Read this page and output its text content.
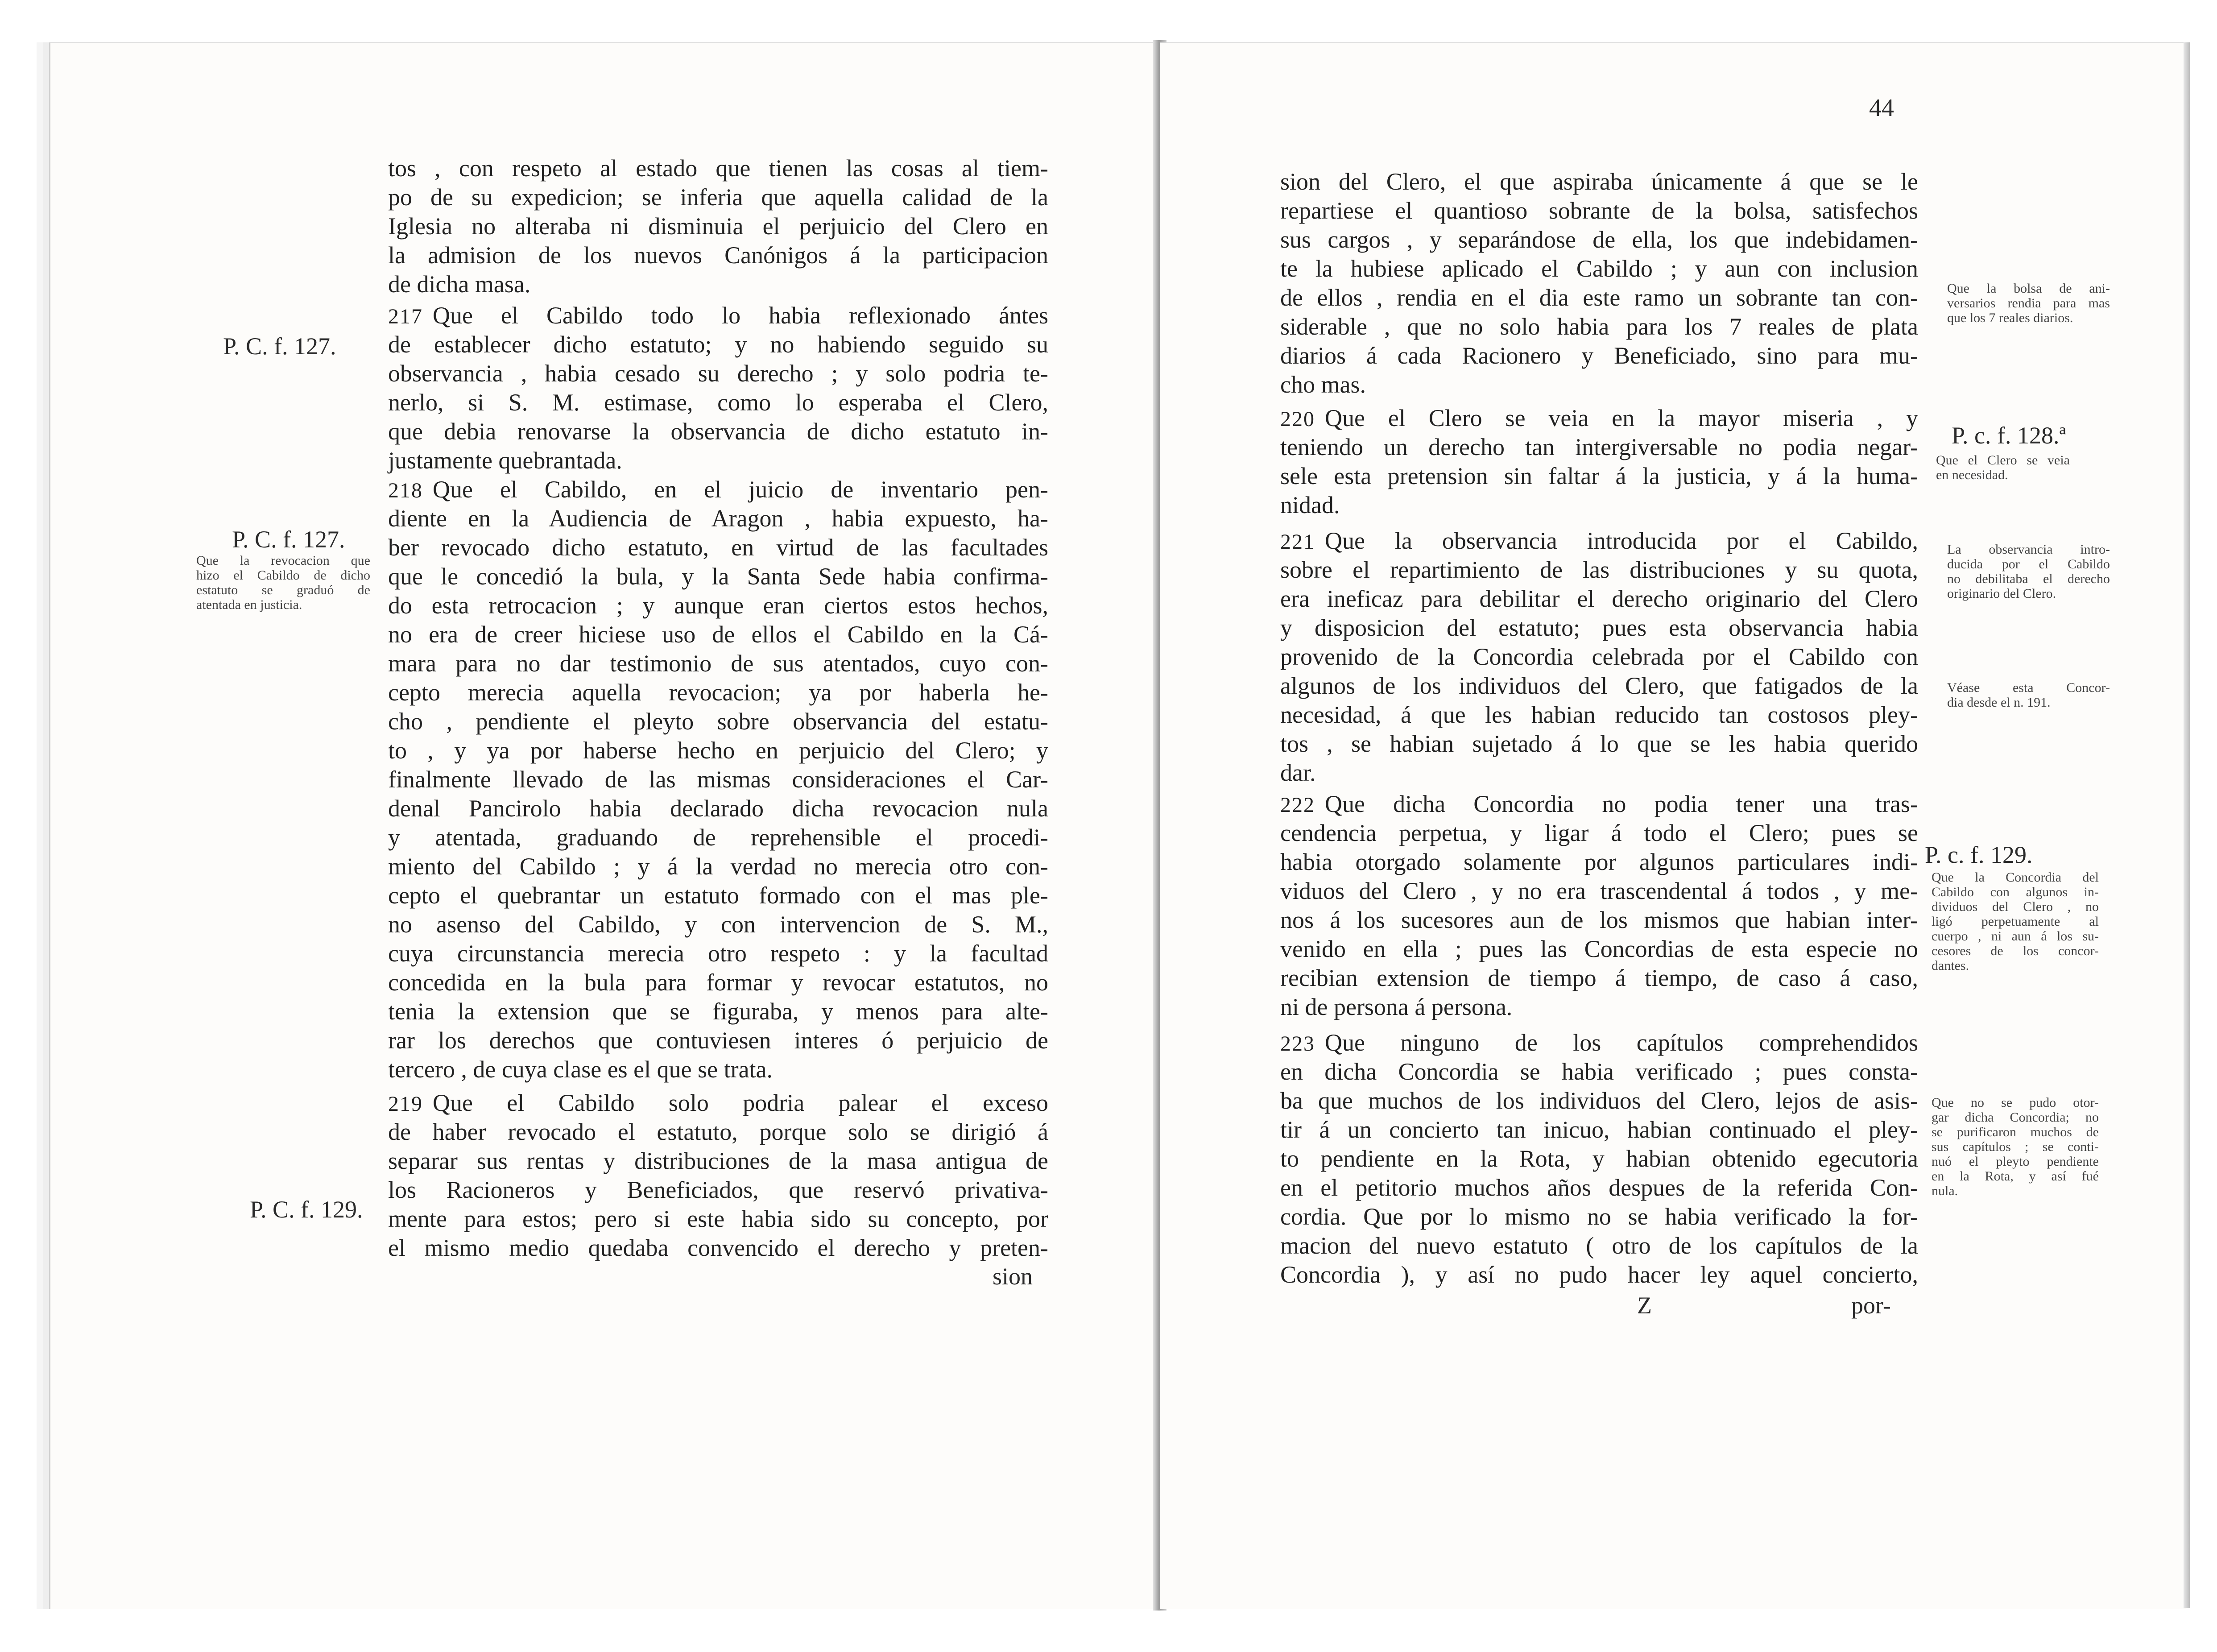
P. C. f. 127.
P. C. f. 127.
Que la revocacion que
hizo el Cabildo de dicho
estatuto se graduó de
atentada en justicia.
P. C. f. 129.
tos , con respeto al estado que tienen las cosas al tiem-
po de su expedicion; se inferia que aquella calidad de la
Iglesia no alteraba ni disminuia el perjuicio del Clero en
la admision de los nuevos Canónigos á la participacion
de dicha masa.
217 Que el Cabildo todo lo habia reflexionado ántes
de establecer dicho estatuto; y no habiendo seguido su
observancia , habia cesado su derecho ; y solo podria te-
nerlo, si S. M. estimase, como lo esperaba el Clero,
que debia renovarse la observancia de dicho estatuto in-
justamente quebrantada.
218 Que el Cabildo, en el juicio de inventario pen-
diente en la Audiencia de Aragon , habia expuesto, ha-
ber revocado dicho estatuto, en virtud de las facultades
que le concedió la bula, y la Santa Sede habia confirma-
do esta retrocacion ; y aunque eran ciertos estos hechos,
no era de creer hiciese uso de ellos el Cabildo en la Cá-
mara para no dar testimonio de sus atentados, cuyo con-
cepto merecia aquella revocacion; ya por haberla he-
cho , pendiente el pleyto sobre observancia del estatu-
to , y ya por haberse hecho en perjuicio del Clero; y
finalmente llevado de las mismas consideraciones el Car-
denal Pancirolo habia declarado dicha revocacion nula
y atentada, graduando de reprehensible el procedi-
miento del Cabildo ; y á la verdad no merecia otro con-
cepto el quebrantar un estatuto formado con el mas ple-
no asenso del Cabildo, y con intervencion de S. M.,
cuya circunstancia merecia otro respeto : y la facultad
concedida en la bula para formar y revocar estatutos, no
tenia la extension que se figuraba, y menos para alte-
rar los derechos que contuviesen interes ó perjuicio de
tercero , de cuya clase es el que se trata.
219 Que el Cabildo solo podria palear el exceso
de haber revocado el estatuto, porque solo se dirigió á
separar sus rentas y distribuciones de la masa antigua de
los Racioneros y Beneficiados, que reservó privativa-
mente para estos; pero si este habia sido su concepto, por
el mismo medio quedaba convencido el derecho y preten-
sion
44
sion del Clero, el que aspiraba únicamente á que se le
repartiese el quantioso sobrante de la bolsa, satisfechos
sus cargos , y separándose de ella, los que indebidamen-
te la hubiese aplicado el Cabildo ; y aun con inclusion
de ellos , rendia en el dia este ramo un sobrante tan con-
siderable , que no solo habia para los 7 reales de plata
diarios á cada Racionero y Beneficiado, sino para mu-
cho mas.
220 Que el Clero se veia en la mayor miseria , y
teniendo un derecho tan intergiversable no podia negar-
sele esta pretension sin faltar á la justicia, y á la huma-
nidad.
221 Que la observancia introducida por el Cabildo,
sobre el repartimiento de las distribuciones y su quota,
era ineficaz para debilitar el derecho originario del Clero
y disposicion del estatuto; pues esta observancia habia
provenido de la Concordia celebrada por el Cabildo con
algunos de los individuos del Clero, que fatigados de la
necesidad, á que les habian reducido tan costosos pley-
tos , se habian sujetado á lo que se les habia querido
dar.
222 Que dicha Concordia no podia tener una tras-
cendencia perpetua, y ligar á todo el Clero; pues se
habia otorgado solamente por algunos particulares indi-
viduos del Clero , y no era trascendental á todos , y me-
nos á los sucesores aun de los mismos que habian inter-
venido en ella ; pues las Concordias de esta especie no
recibian extension de tiempo á tiempo, de caso á caso,
ni de persona á persona.
223 Que ninguno de los capítulos comprehendidos
en dicha Concordia se habia verificado ; pues consta-
ba que muchos de los individuos del Clero, lejos de asis-
tir á un concierto tan inicuo, habian continuado el pley-
to pendiente en la Rota, y habian obtenido egecutoria
en el petitorio muchos años despues de la referida Con-
cordia. Que por lo mismo no se habia verificado la for-
macion del nuevo estatuto ( otro de los capítulos de la
Concordia ), y así no pudo hacer ley aquel concierto,
Z	por-
Que la bolsa de ani-
versarios rendia para mas
que los 7 reales diarios.
P. c. f. 128.ª
Que el Clero se veia
en necesidad.
La observancia intro-
ducida por el Cabildo
no debilitaba el derecho
originario del Clero.
Véase esta Concor-
dia desde el n. 191.
P. c. f. 129.
Que la Concordia del
Cabildo con algunos in-
dividuos del Clero , no
ligó perpetuamente al
cuerpo , ni aun á los su-
cesores de los concor-
dantes.
Que no se pudo otor-
gar dicha Concordia; no
se purificaron muchos de
sus capítulos ; se conti-
nuó el pleyto pendiente
en la Rota, y así fué
nula.
